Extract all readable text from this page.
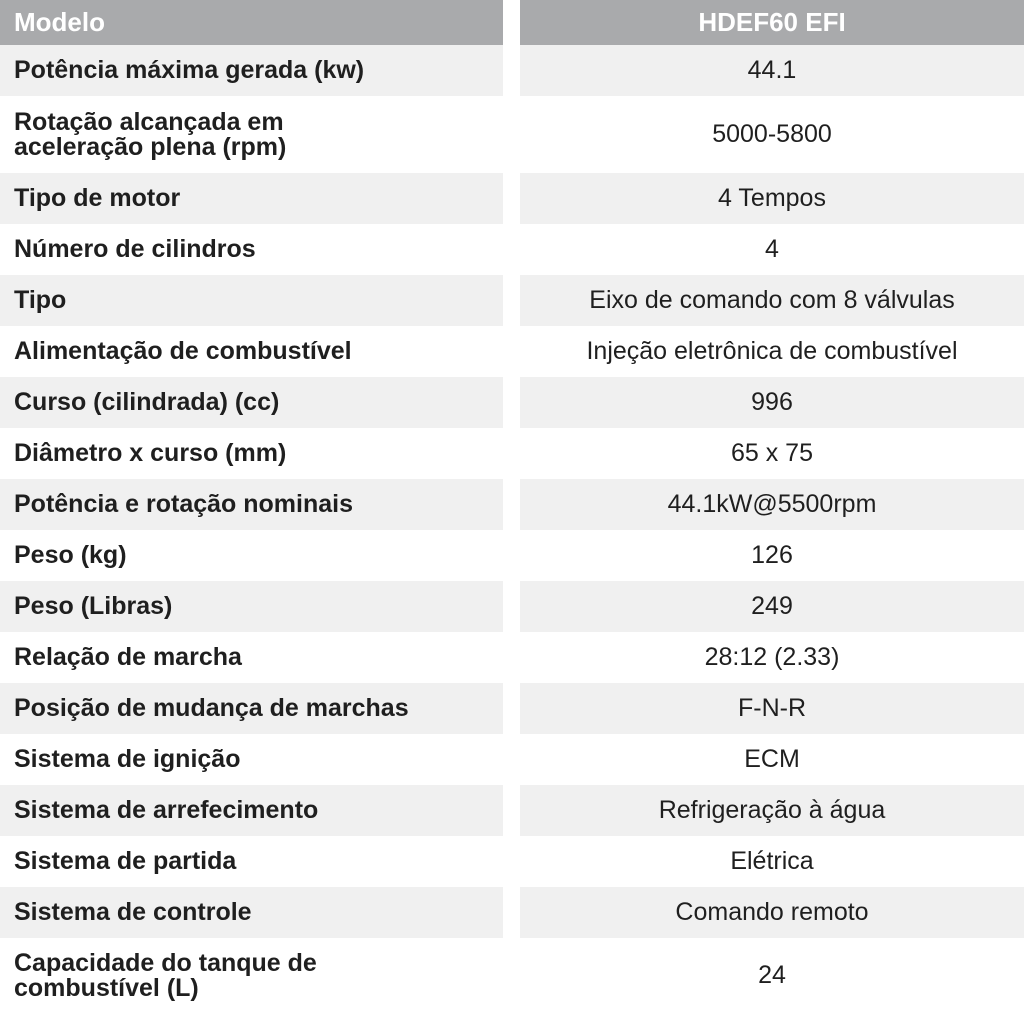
Modelo	HDEF60 EFI
Potência máxima gerada (kw)	44.1
Rotação alcançada em
aceleração plena (rpm)	5000-5800
Tipo de motor	4 Tempos
Número de cilindros	4
Tipo	Eixo de comando com 8 válvulas
Alimentação de combustível	Injeção eletrônica de combustível
Curso (cilindrada) (cc)	996
Diâmetro x curso (mm)	65 x 75
Potência e rotação nominais	44.1kW@5500rpm
Peso (kg)	126
Peso (Libras)	249
Relação de marcha	28:12 (2.33)
Posição de mudança de marchas	F-N-R
Sistema de ignição	ECM
Sistema de arrefecimento	Refrigeração à água
Sistema de partida	Elétrica
Sistema de controle	Comando remoto
Capacidade do tanque de
combustível (L)	24
